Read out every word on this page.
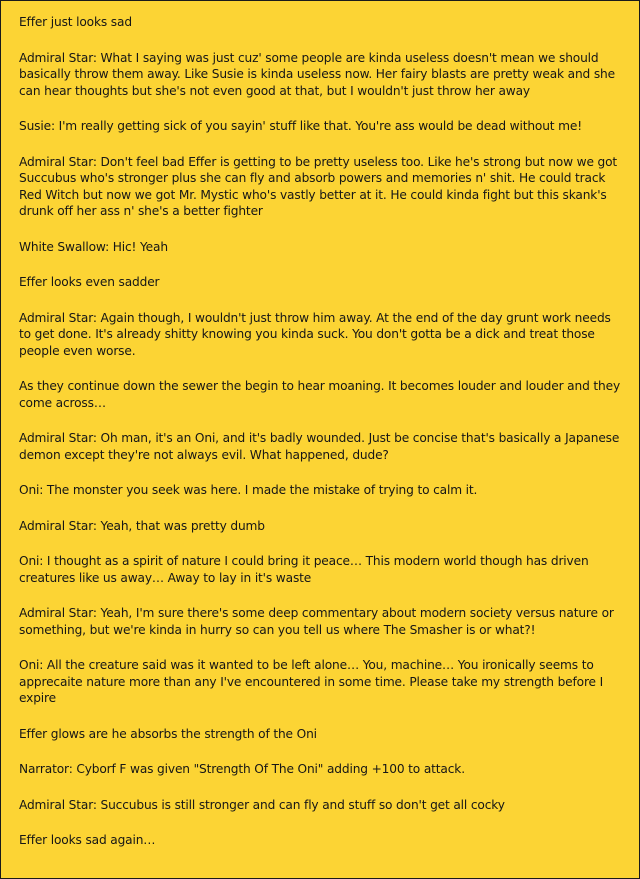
Effer just looks sad

Admiral Star: What I saying was just cuz' some people are kinda useless doesn't mean we should basically throw them away. Like Susie is kinda useless now. Her fairy blasts are pretty weak and she can hear thoughts but she's not even good at that, but I wouldn't just throw her away

Susie: I'm really getting sick of you sayin' stuff like that. You're ass would be dead without me!

Admiral Star: Don't feel bad Effer is getting to be pretty useless too. Like he's strong but now we got Succubus who's stronger plus she can fly and absorb powers and memories n' shit. He could track Red Witch but now we got Mr. Mystic who's vastly better at it. He could kinda fight but this skank's drunk off her ass n' she's a better fighter

White Swallow: Hic! Yeah

Effer looks even sadder

Admiral Star: Again though, I wouldn't just throw him away. At the end of the day grunt work needs to get done. It's already shitty knowing you kinda suck. You don't gotta be a dick and treat those people even worse.

As they continue down the sewer the begin to hear moaning. It becomes louder and louder and they come across…

Admiral Star: Oh man, it's an Oni, and it's badly wounded. Just be concise that's basically a Japanese demon except they're not always evil. What happened, dude?

Oni: The monster you seek was here. I made the mistake of trying to calm it.

Admiral Star: Yeah, that was pretty dumb

Oni: I thought as a spirit of nature I could bring it peace… This modern world though has driven creatures like us away… Away to lay in it's waste

Admiral Star: Yeah, I'm sure there's some deep commentary about modern society versus nature or something, but we're kinda in hurry so can you tell us where The Smasher is or what?!

Oni: All the creature said was it wanted to be left alone… You, machine… You ironically seems to apprecaite nature more than any I've encountered in some time. Please take my strength before I expire

Effer glows are he absorbs the strength of the Oni

Narrator: Cyborf F was given "Strength Of The Oni" adding +100 to attack.

Admiral Star: Succubus is still stronger and can fly and stuff so don't get all cocky

Effer looks sad again…
